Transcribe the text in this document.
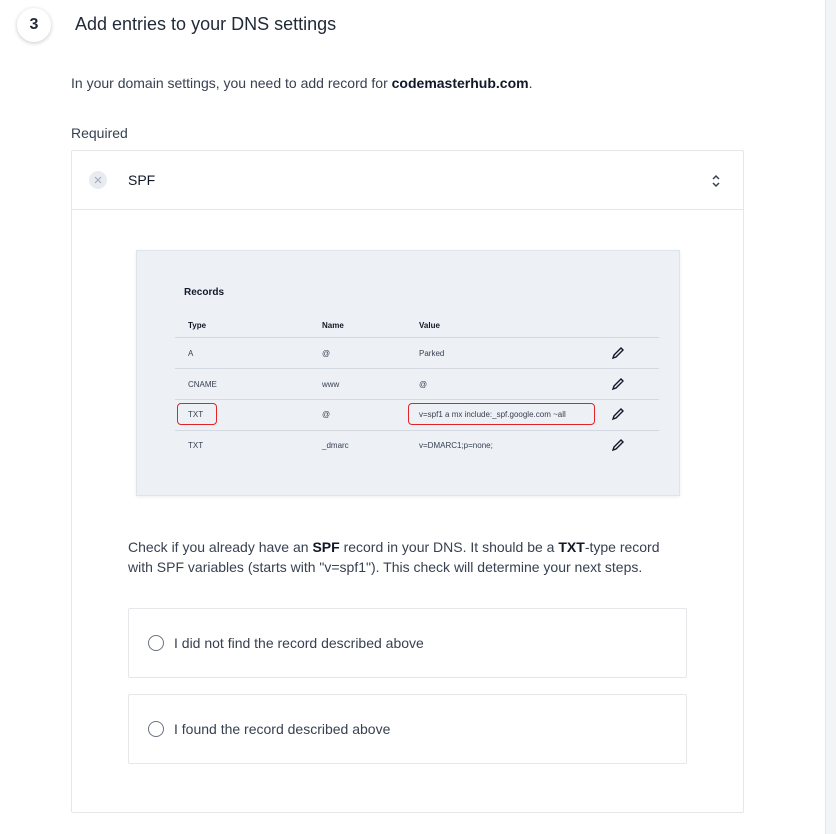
3	Add entries to your DNS settings
In your domain settings, you need to add record for codemasterhub.com.
Required
SPF
Records
Type	Name	Value
A	@	Parked
CNAME	www	@
TXT	@	v=spf1 a mx include:_spf.google.com ~all
TXT	_dmarc	v=DMARC1;p=none;
Check if you already have an SPF record in your DNS. It should be a TXT-type record with SPF variables (starts with "v=spf1"). This check will determine your next steps.
I did not find the record described above
I found the record described above
